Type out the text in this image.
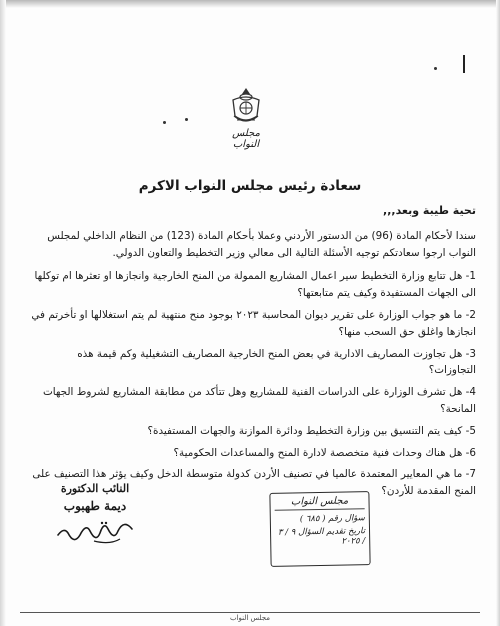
مجلس النواب
سعادة رئيس مجلس النواب الاكرم
تحية طيبة وبعد,,,
سندا لأحكام المادة (96) من الدستور الأردني وعملا بأحكام المادة (123) من النظام الداخلي لمجلس النواب ارجوا سعادتكم توجيه الأسئلة التالية الى معالي وزير التخطيط والتعاون الدولي.
1- هل تتابع وزارة التخطيط سير اعمال المشاريع الممولة من المنح الخارجية وانجازها او تعثرها ام توكلها الى الجهات المستفيدة وكيف يتم متابعتها؟
2- ما هو جواب الوزارة على تقرير ديوان المحاسبة ٢٠٢٣ بوجود منح منتهية لم يتم استغلالها او تأخرتم في انجازها واغلق حق السحب منها؟
3- هل تجاوزت المصاريف الادارية في بعض المنح الخارجية المصاريف التشغيلية وكم قيمة هذه التجاوزات؟
4- هل تشرف الوزارة على الدراسات الفنية للمشاريع وهل تتأكد من مطابقة المشاريع لشروط الجهات المانحة؟
5- كيف يتم التنسيق بين وزارة التخطيط ودائرة الموازنة والجهات المستفيدة؟
6- هل هناك وحدات فنية متخصصة لادارة المنح والمساعدات الحكومية؟
7- ما هي المعايير المعتمدة عالميا في تصنيف الأردن كدولة متوسطة الدخل وكيف يؤثر هذا التصنيف على المنح المقدمة للأردن؟
النائب الدكتورة
ديمة طهبوب	مجلس النواب
سؤال رقم ( ٦٨٥ )
تاريخ تقديم السؤال ٩ / ٣ / ٢٠٢٥
مجلس النواب
